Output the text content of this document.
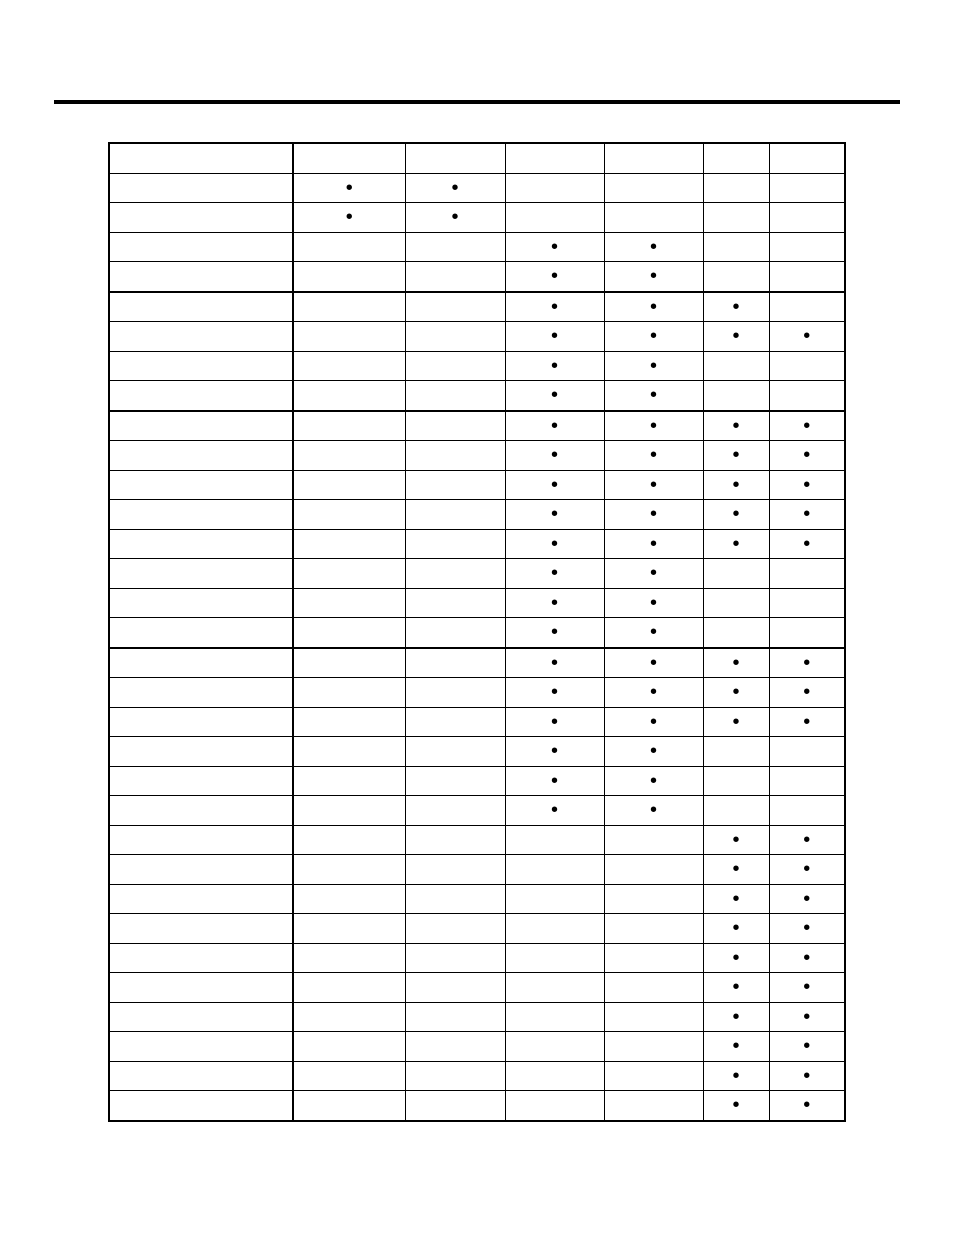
	•	•				
	•	•				
			•	•		
			•	•		
			•	•	•	
			•	•	•	•
			•	•		
			•	•		
			•	•	•	•
			•	•	•	•
			•	•	•	•
			•	•	•	•
			•	•	•	•
			•	•		
			•	•		
			•	•		
			•	•	•	•
			•	•	•	•
			•	•	•	•
			•	•		
			•	•		
			•	•		
					•	•
					•	•
					•	•
					•	•
					•	•
					•	•
					•	•
					•	•
					•	•
					•	•
